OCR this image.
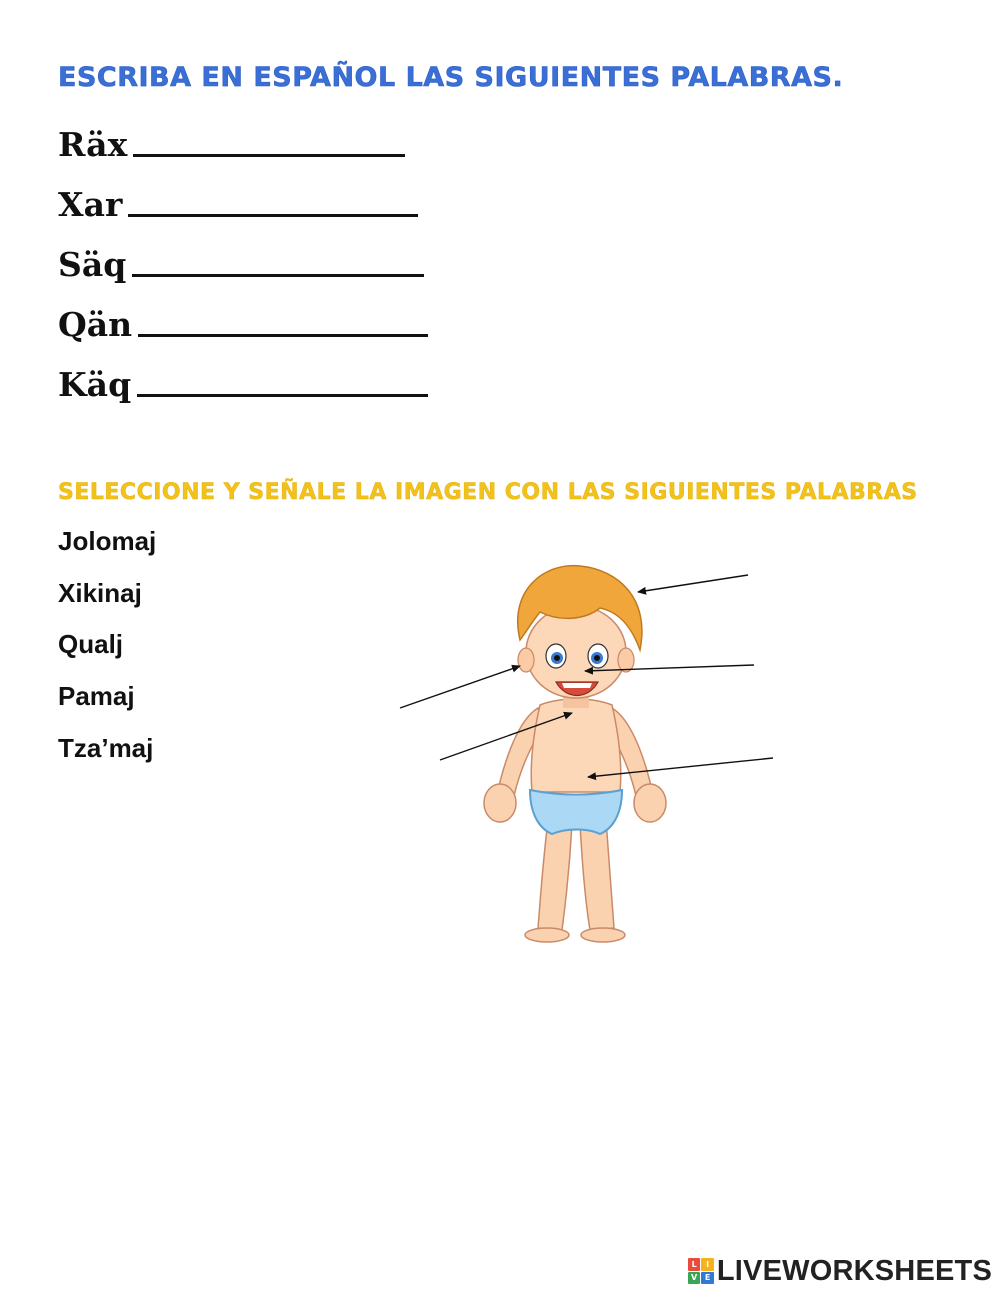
ESCRIBA EN ESPAÑOL LAS SIGUIENTES PALABRAS.
Räx
Xar
Säq
Qän
Käq
SELECCIONE Y SEÑALE LA IMAGEN CON LAS SIGUIENTES PALABRAS
Jolomaj
Xikinaj
Qualj
Pamaj
Tza’maj
L	I
V E LIVEWORKSHEETS
